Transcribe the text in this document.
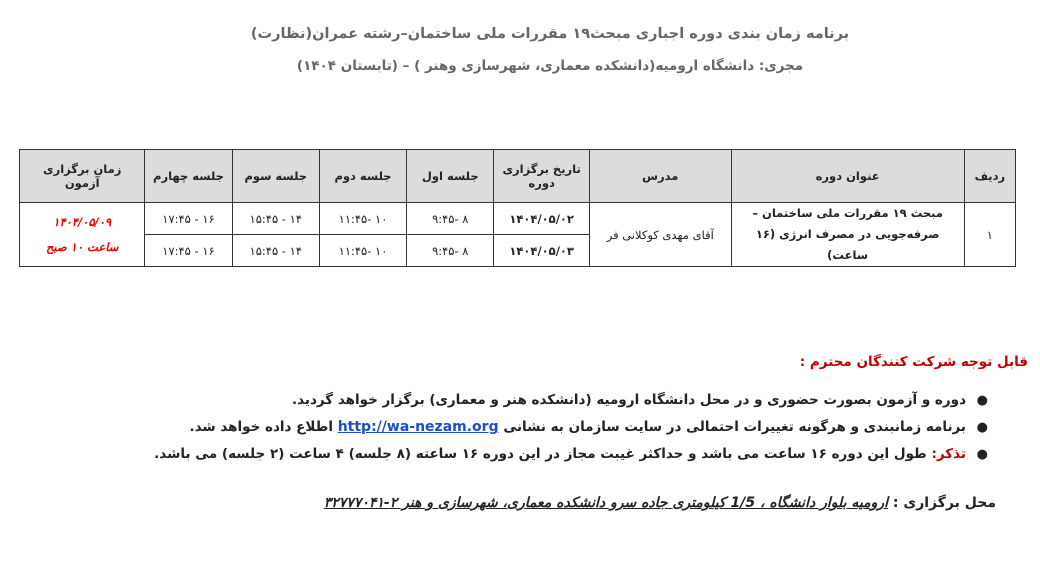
برنامه زمان بندی دوره اجباری مبحث۱۹ مقررات ملی ساختمان–رشته عمران(نظارت)
مجری: دانشگاه ارومیه(دانشکده معماری، شهرسازی وهنر ) – (تابستان ۱۴۰۴)
ردیف	عنوان دوره	مدرس	تاریخ برگزاری دوره	جلسه اول	جلسه دوم	جلسه سوم	جلسه چهارم	زمان برگزاری آزمون
۱	مبحث ۱۹ مقررات ملی ساختمان – صرفه‌جویی در مصرف انرژی (۱۶ ساعت)	آقای مهدی کوکلانی فر	۱۴۰۴/۰۵/۰۲	۸ -۹:۴۵	۱۰ -۱۱:۴۵	۱۴ - ۱۵:۴۵	۱۶ - ۱۷:۴۵	۱۴۰۴/۰۵/۰۹
ساعت ۱۰ صبح

			۱۴۰۴/۰۵/۰۳	۸ -۹:۴۵	۱۰ -۱۱:۴۵	۱۴ - ۱۵:۴۵	۱۶ - ۱۷:۴۵	
قابل توجه شرکت کنندگان محترم :
●
دوره و آزمون بصورت حضوری و در محل دانشگاه ارومیه (دانشکده هنر و معماری) برگزار خواهد گردید.
●
برنامه زمانبندی و هرگونه تغییرات احتمالی در سایت سازمان به نشانی http://wa-nezam.org اطلاع داده خواهد شد.
●
تذکر: طول این دوره ۱۶ ساعت می باشد و حداکثر غیبت مجاز در این دوره ۱۶ ساعته (۸ جلسه) ۴ ساعت (۲ جلسه) می باشد.
محل برگزاری : ارومیه بلوار دانشگاه ، 1/5 کیلومتری جاده سرو دانشکده معماری، شهرسازی و هنر ۲-۳۲۷۷۷۰۴۱
